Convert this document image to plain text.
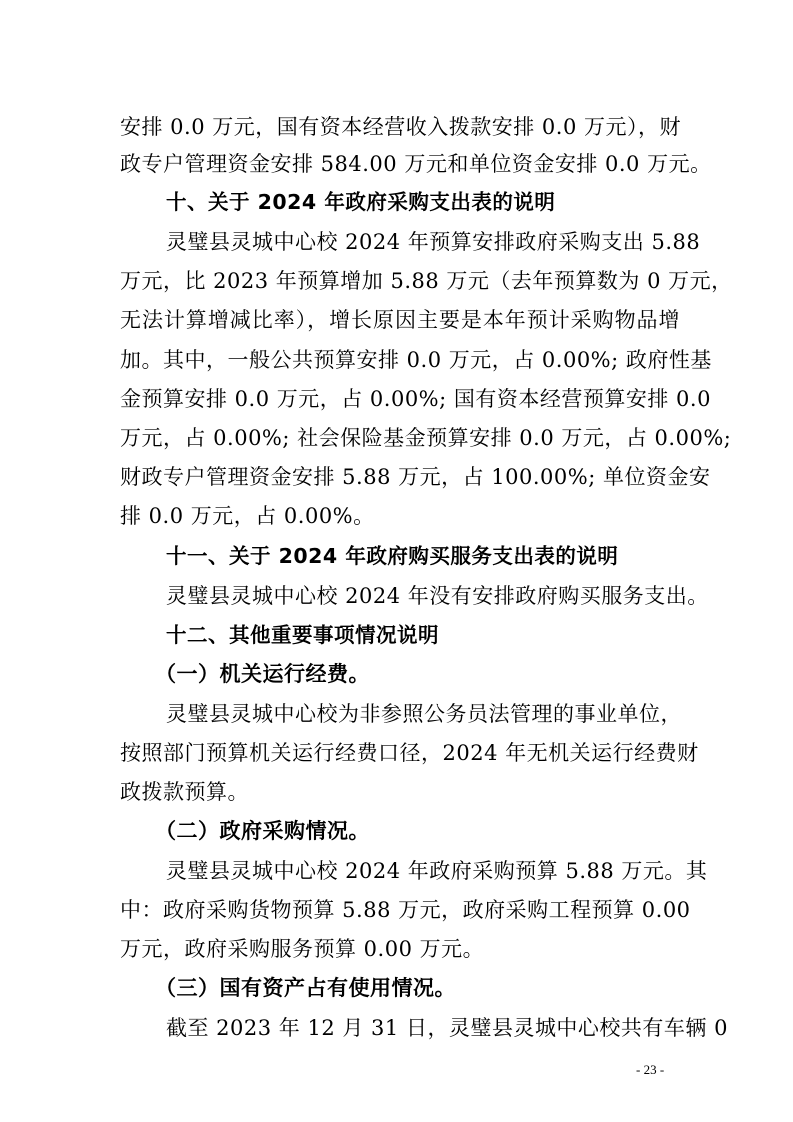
安排 0.0 万元，国有资本经营收入拨款安排 0.0 万元），财
政专户管理资金安排 584.00 万元和单位资金安排 0.0 万元。
十、关于 2024 年政府采购支出表的说明
灵璧县灵城中心校 2024 年预算安排政府采购支出 5.88
万元，比 2023 年预算增加 5.88 万元（去年预算数为 0 万元，
无法计算增减比率），增长原因主要是本年预计采购物品增
加。其中，一般公共预算安排 0.0 万元，占 0.00%; 政府性基
金预算安排 0.0 万元，占 0.00%; 国有资本经营预算安排 0.0
万元，占 0.00%; 社会保险基金预算安排 0.0 万元，占 0.00%;
财政专户管理资金安排 5.88 万元，占 100.00%; 单位资金安
排 0.0 万元，占 0.00%。
十一、关于 2024 年政府购买服务支出表的说明
灵璧县灵城中心校 2024 年没有安排政府购买服务支出。
十二、其他重要事项情况说明
（一）机关运行经费。
灵璧县灵城中心校为非参照公务员法管理的事业单位，
按照部门预算机关运行经费口径，2024 年无机关运行经费财
政拨款预算。
（二）政府采购情况。
灵璧县灵城中心校 2024 年政府采购预算 5.88 万元。其
中：政府采购货物预算 5.88 万元，政府采购工程预算 0.00
万元，政府采购服务预算 0.00 万元。
（三）国有资产占有使用情况。
截至 2023 年 12 月 31 日，灵璧县灵城中心校共有车辆 0
- 23 -
